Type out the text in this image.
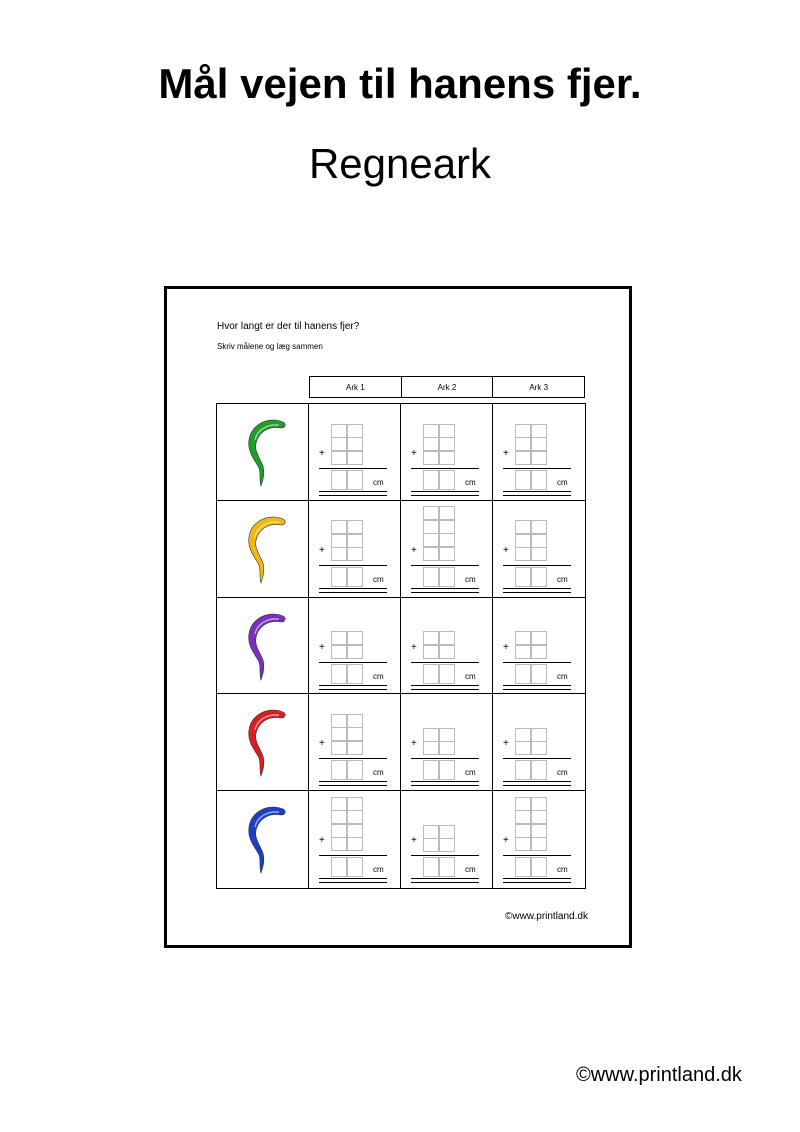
Mål vejen til hanens fjer.
Regneark
Hvor langt er der til hanens fjer?
Skriv målene og læg sammen
Ark 1	Ark 2	Ark 3
+
cm
+
cm
+
cm
+
cm
+
cm
+
cm
+
cm
+
cm
+
cm
+
cm
+
cm
+
cm
+
cm
+
cm
+
cm
©www.printland.dk
©www.printland.dk
